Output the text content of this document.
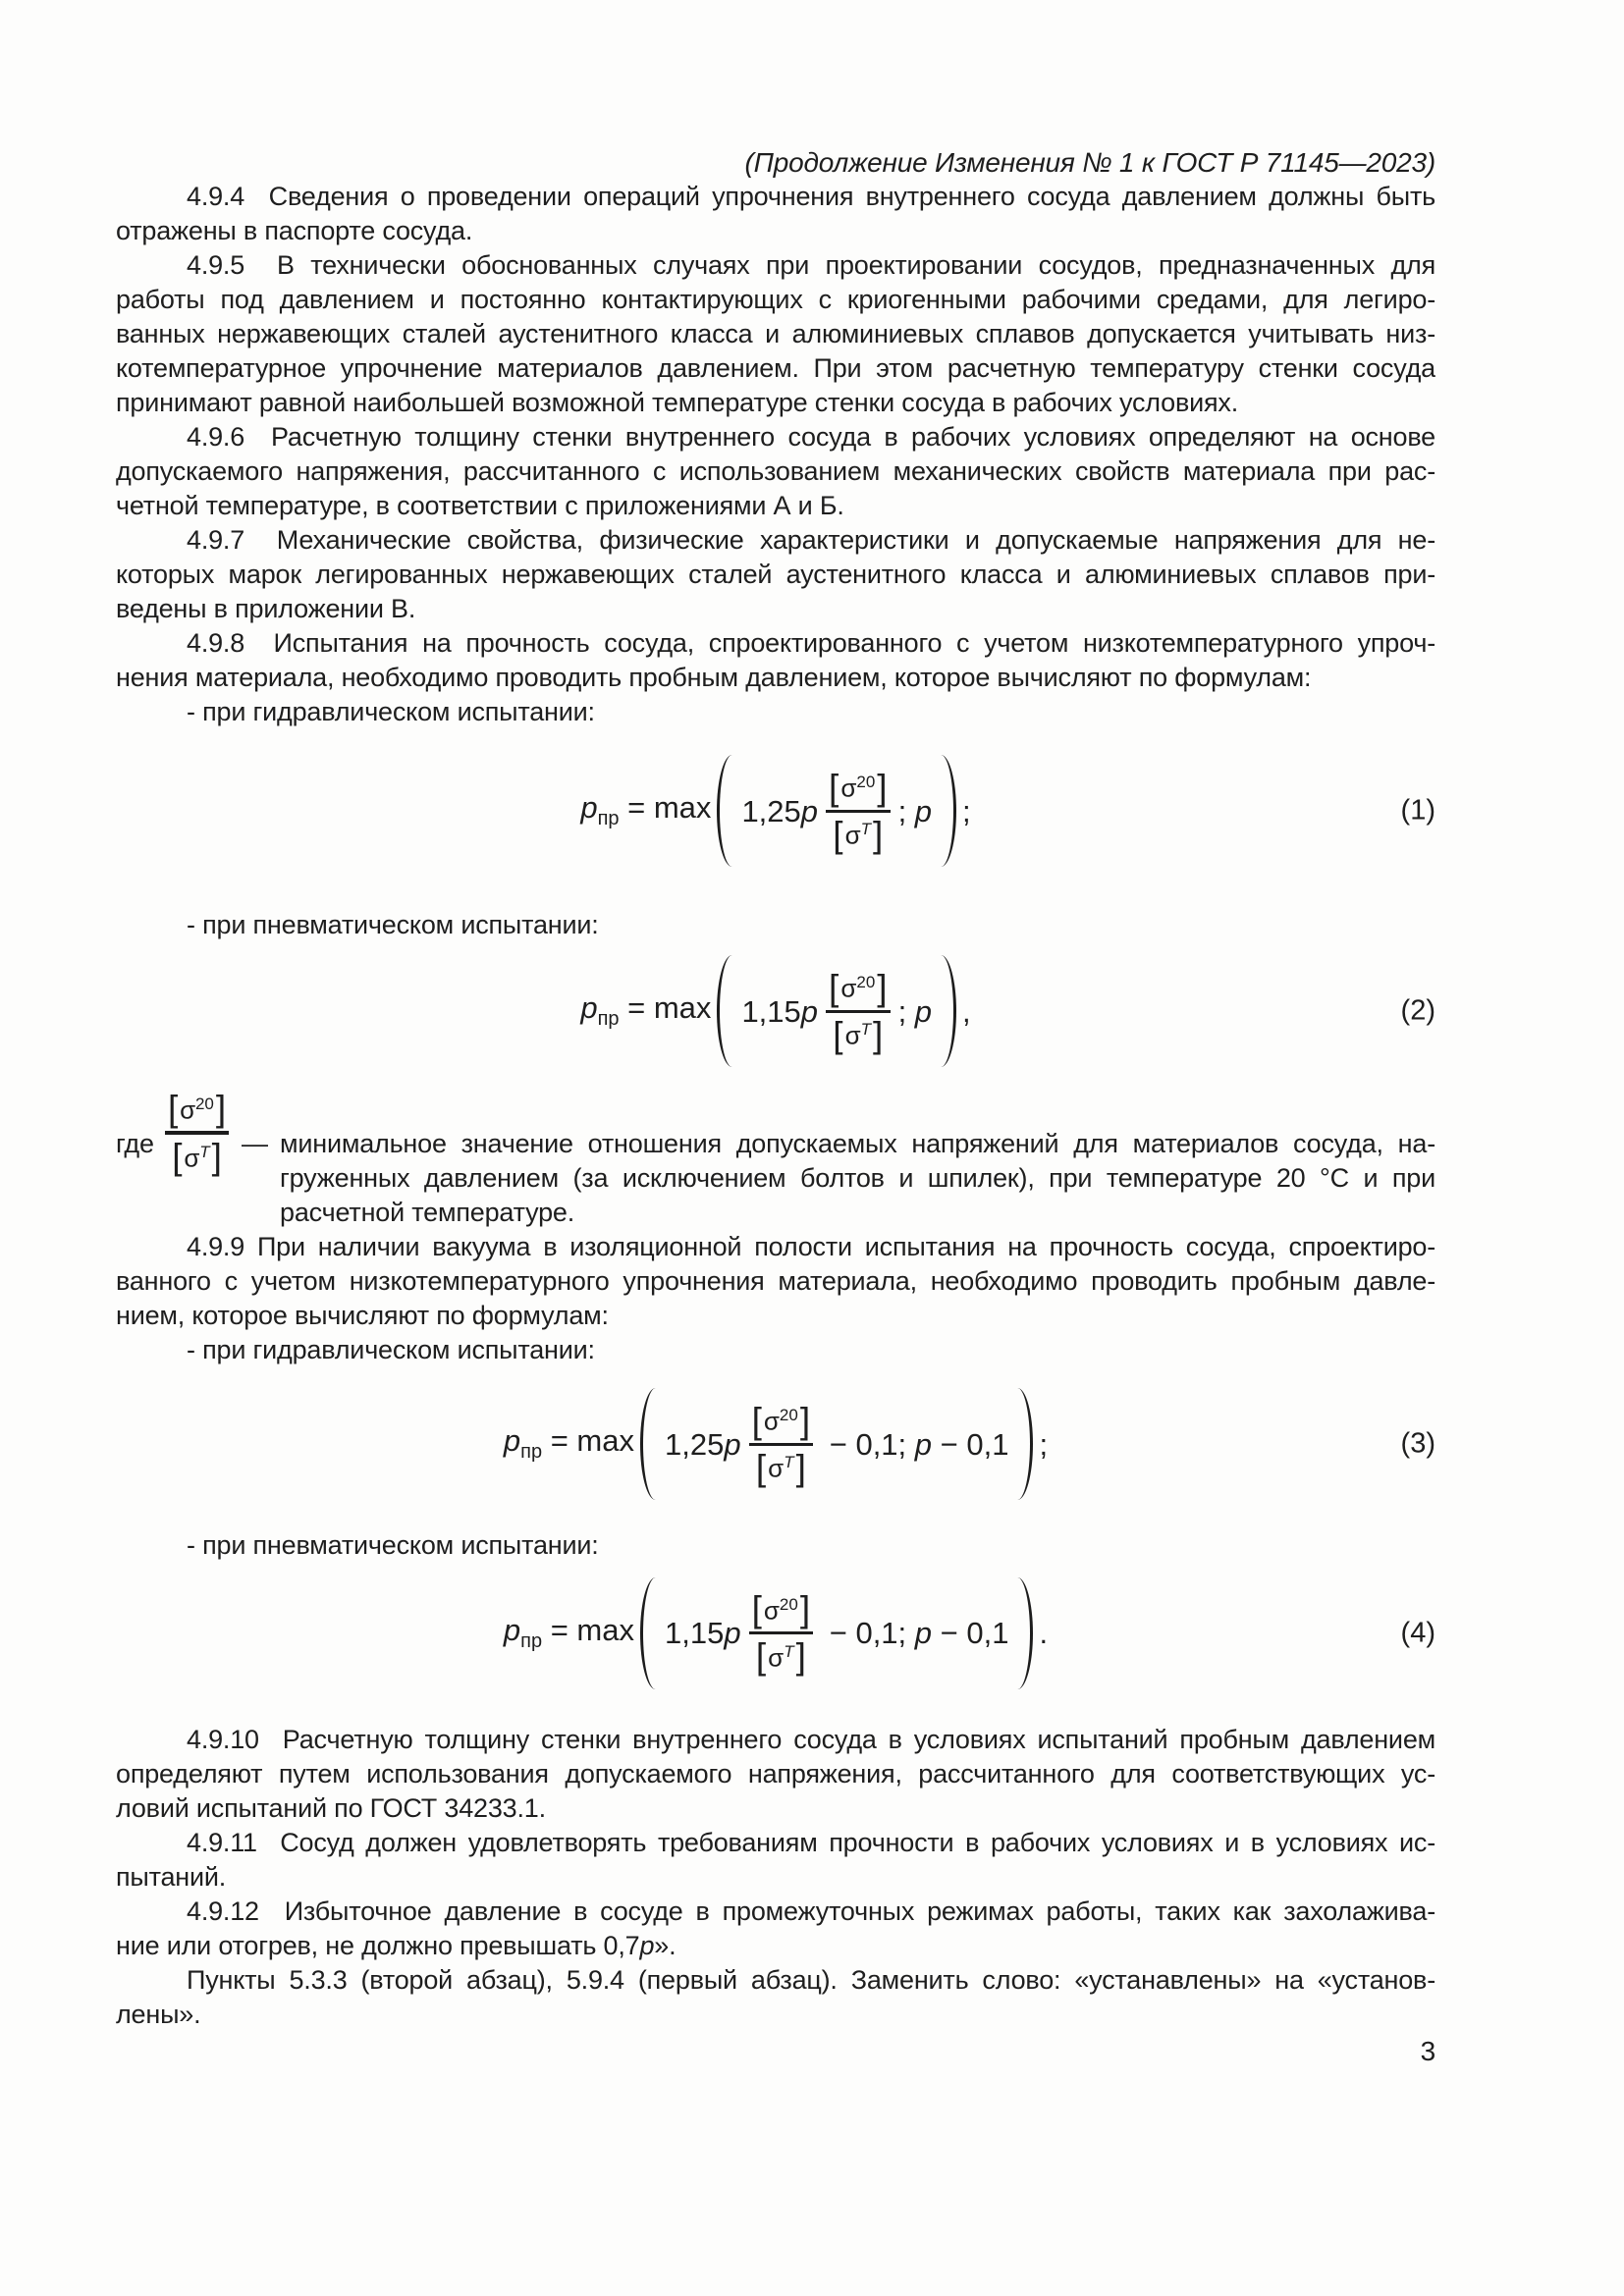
(Продолжение Изменения № 1 к ГОСТ Р 71145—2023)
4.9.4  Сведения о проведении операций упрочнения внутреннего сосуда давлением должны быть
отражены в паспорте сосуда.
4.9.5  В технически обоснованных случаях при проектировании сосудов, предназначенных для
работы под давлением и постоянно контактирующих с криогенными рабочими средами, для легиро-
ванных нержавеющих сталей аустенитного класса и алюминиевых сплавов допускается учитывать низ-
котемпературное упрочнение материалов давлением. При этом расчетную температуру стенки сосуда
принимают равной наибольшей возможной температуре стенки сосуда в рабочих условиях.
4.9.6  Расчетную толщину стенки внутреннего сосуда в рабочих условиях определяют на основе
допускаемого напряжения, рассчитанного с использованием механических свойств материала при рас-
четной температуре, в соответствии с приложениями А и Б.
4.9.7  Механические свойства, физические характеристики и допускаемые напряжения для не-
которых марок легированных нержавеющих сталей аустенитного класса и алюминиевых сплавов при-
ведены в приложении В.
4.9.8  Испытания на прочность сосуда, спроектированного с учетом низкотемпературного упроч-
нения материала, необходимо проводить пробным давлением, которое вычисляют по формулам:
- при гидравлическом испытании:
$p_{пр} = \max 1,25p \frac{[ \sigma^{20} ]}{[ \sigma^T ]}$ ; p ;	(1)
- при пневматическом испытании:
$p_{пр} = \max 1,15p \frac{[ \sigma^{20} ]}{[ \sigma^T ]}$ ; p ,	(2)
где
[ $\sigma^{20}$ ]
[ $\sigma^T$ ] — минимальное значение отношения допускаемых напряжений для материалов сосуда, на-
груженных давлением (за исключением болтов и шпилек), при температуре 20 °С и при
расчетной температуре.
4.9.9 При наличии вакуума в изоляционной полости испытания на прочность сосуда, спроектиро-
ванного с учетом низкотемпературного упрочнения материала, необходимо проводить пробным давле-
нием, которое вычисляют по формулам:
- при гидравлическом испытании:
$p_{пр} = \max 1,25p \frac{[ \sigma^{20} ]}{[ \sigma^T ]} - 0,1$; p − 0,1 ;	(3)
- при пневматическом испытании:
$p_{пр} = \max 1,15p \frac{[ \sigma^{20} ]}{[ \sigma^T ]} - 0,1$; p − 0,1 .	(4)
4.9.10  Расчетную толщину стенки внутреннего сосуда в условиях испытаний пробным давлением
определяют путем использования допускаемого напряжения, рассчитанного для соответствующих ус-
ловий испытаний по ГОСТ 34233.1.
4.9.11  Сосуд должен удовлетворять требованиям прочности в рабочих условиях и в условиях ис-
пытаний.
4.9.12  Избыточное давление в сосуде в промежуточных режимах работы, таких как захолажива-
ние или отогрев, не должно превышать 0,7p».
Пункты 5.3.3 (второй абзац), 5.9.4 (первый абзац). Заменить слово: «устанавлены» на «установ-
лены».
3
